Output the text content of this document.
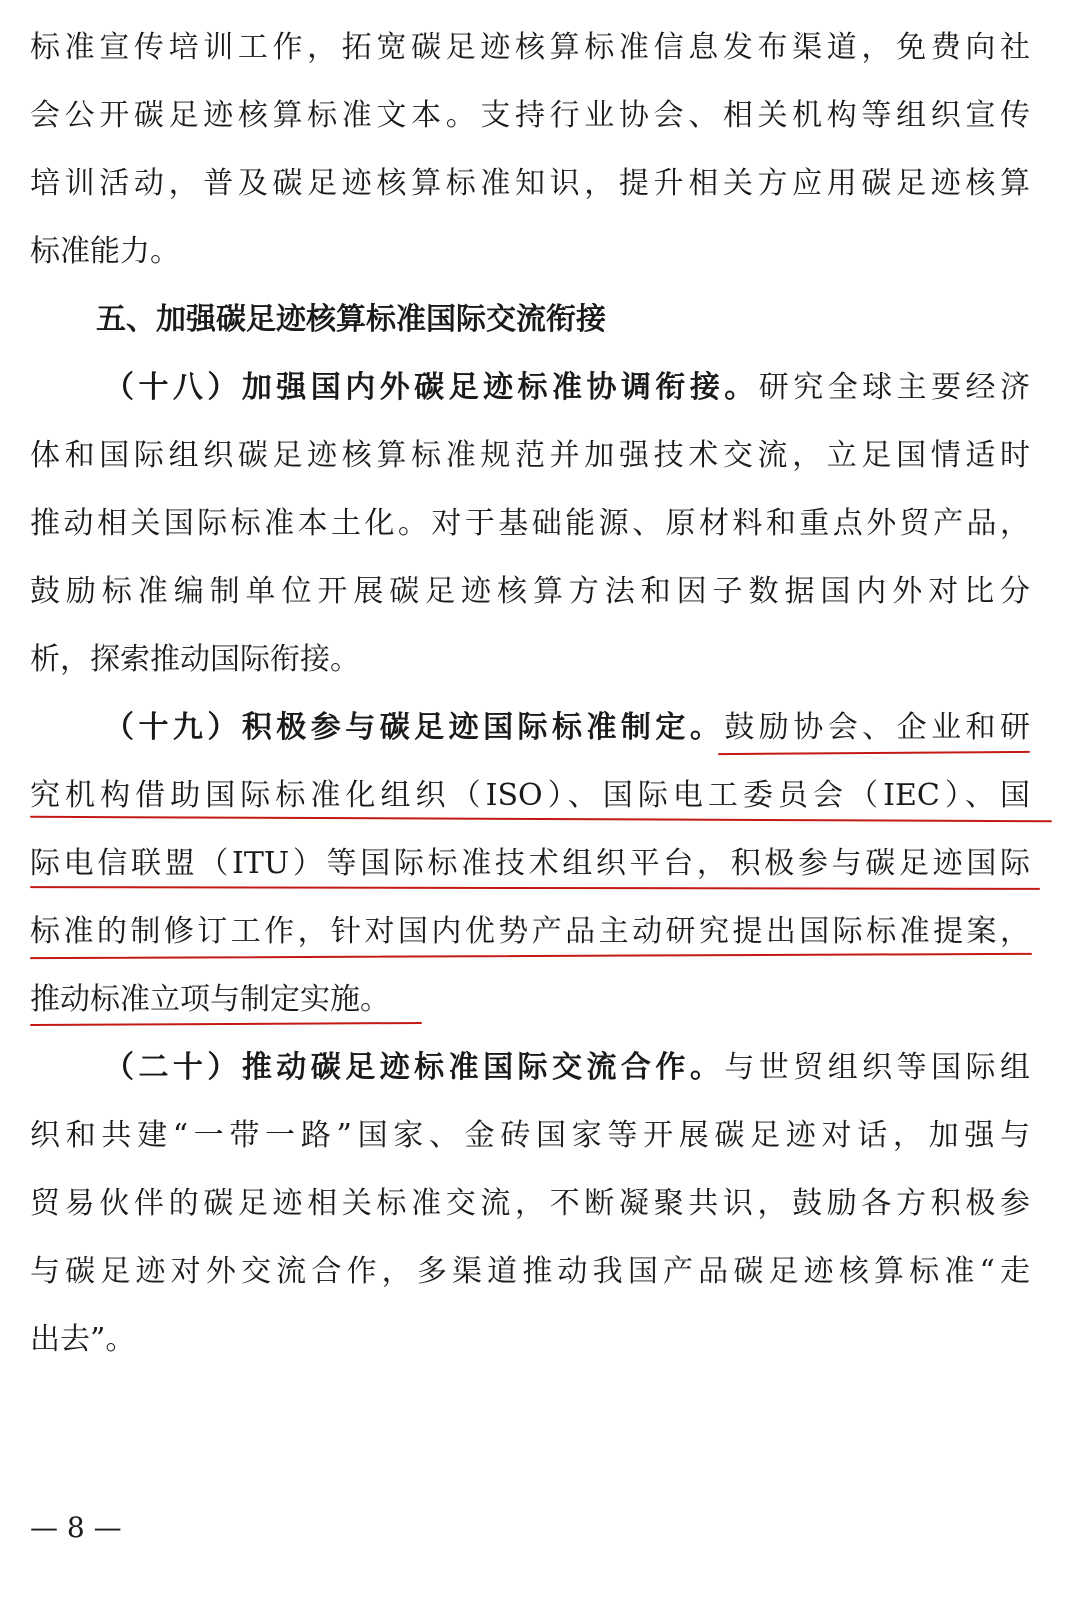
标准宣传培训工作，拓宽碳足迹核算标准信息发布渠道，免费向社
会公开碳足迹核算标准文本。支持行业协会、相关机构等组织宣传
培训活动，普及碳足迹核算标准知识，提升相关方应用碳足迹核算
标准能力。
五、加强碳足迹核算标准国际交流衔接
（十八）加强国内外碳足迹标准协调衔接。研究全球主要经济
体和国际组织碳足迹核算标准规范并加强技术交流，立足国情适时
推动相关国际标准本土化。对于基础能源、原材料和重点外贸产品，
鼓励标准编制单位开展碳足迹核算方法和因子数据国内外对比分
析，探索推动国际衔接。
（十九）积极参与碳足迹国际标准制定。鼓励协会、企业和研
究机构借助国际标准化组织（ISO）、国际电工委员会（IEC）、国
际电信联盟（ITU）等国际标准技术组织平台，积极参与碳足迹国际
标准的制修订工作，针对国内优势产品主动研究提出国际标准提案，
推动标准立项与制定实施。
（二十）推动碳足迹标准国际交流合作。与世贸组织等国际组
织和共建“一带一路”国家、金砖国家等开展碳足迹对话，加强与
贸易伙伴的碳足迹相关标准交流，不断凝聚共识，鼓励各方积极参
与碳足迹对外交流合作，多渠道推动我国产品碳足迹核算标准“走
出去”。
— 8 —
